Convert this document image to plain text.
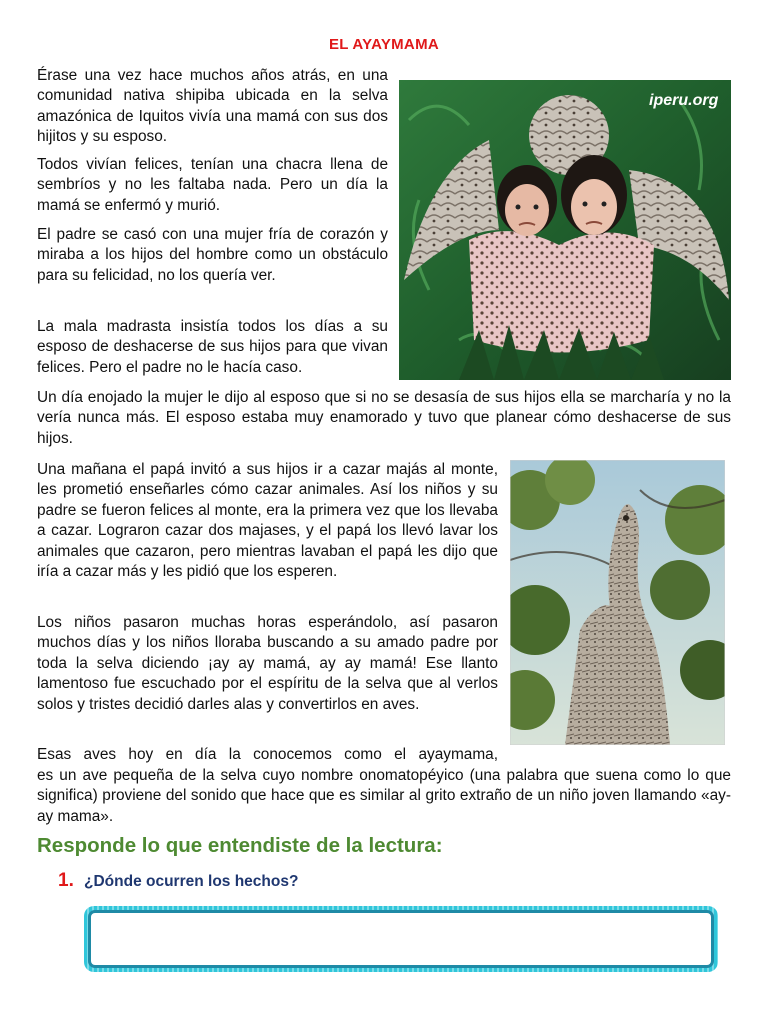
EL AYAYMAMA

Érase una vez hace muchos años atrás, en una comunidad nativa shipiba ubicada en la selva amazónica de Iquitos vivía una mamá con sus dos hijitos y su esposo.

Todos vivían felices, tenían una chacra llena de sembríos y no les faltaba nada. Pero un día la mamá se enfermó y murió.

El padre se casó con una mujer fría de corazón y miraba a los hijos del hombre como un obstáculo para su felicidad, no los quería ver.

La mala madrasta insistía todos los días a su esposo de deshacerse de sus hijos para que vivan felices. Pero el padre no le hacía caso.

iperu.org

Un día enojado la mujer le dijo al esposo que si no se desasía de sus hijos ella se marcharía y no la vería nunca más. El esposo estaba muy enamorado y tuvo que planear cómo deshacerse de sus hijos.

Una mañana el papá invitó a sus hijos ir a cazar majás al monte, les prometió enseñarles cómo cazar animales. Así los niños y su padre se fueron felices al monte, era la primera vez que los llevaba a cazar. Lograron cazar dos majases, y el papá los llevó lavar los animales que cazaron, pero mientras lavaban el papá les dijo que iría a cazar más y les pidió que los esperen.

Los niños pasaron muchas horas esperándolo, así pasaron muchos días y los niños lloraba buscando a su amado padre por toda la selva diciendo ¡ay ay mamá, ay ay mamá! Ese llanto lamentoso fue escuchado por el espíritu de la selva que al verlos solos y tristes decidió darles alas y convertirlos en aves.

Esas aves hoy en día la conocemos como el ayaymama,

es un ave pequeña de la selva cuyo nombre onomatopéyico (una palabra que suena como lo que significa) proviene del sonido que hace que es similar al grito extraño de un niño joven llamando «ay-ay mama».

Responde lo que entendiste de la lectura:
1. ¿Dónde ocurren los hechos?
